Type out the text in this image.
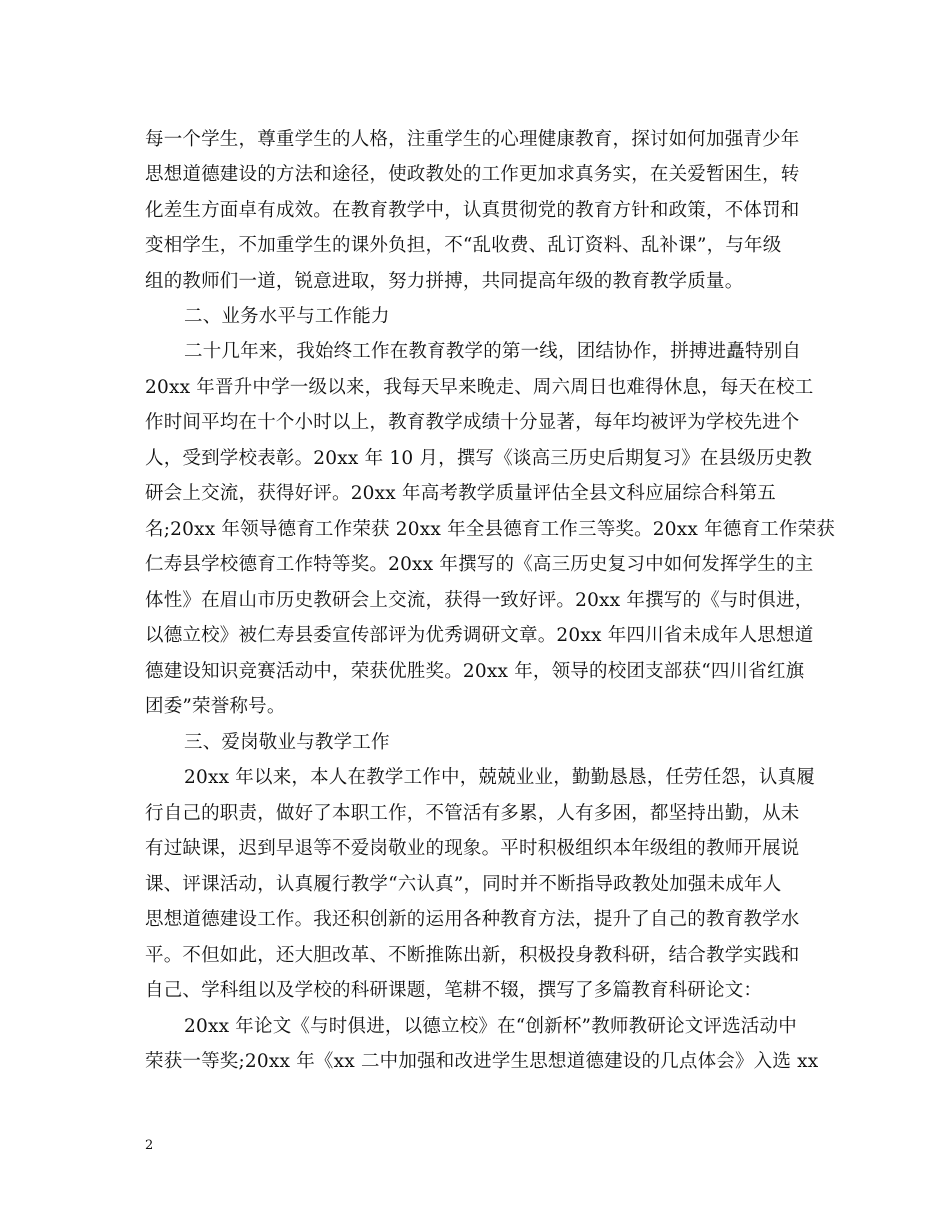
每一个学生，尊重学生的人格，注重学生的心理健康教育，探讨如何加强青少年
思想道德建设的方法和途径，使政教处的工作更加求真务实，在关爱暂困生，转
化差生方面卓有成效。在教育教学中，认真贯彻党的教育方针和政策，不体罚和
变相学生，不加重学生的课外负担，不“乱收费、乱订资料、乱补课”，与年级
组的教师们一道，锐意进取，努力拼搏，共同提高年级的教育教学质量。
二、业务水平与工作能力
二十几年来，我始终工作在教育教学的第一线，团结协作，拼搏进矗特别自
20xx 年晋升中学一级以来，我每天早来晚走、周六周日也难得休息，每天在校工
作时间平均在十个小时以上，教育教学成绩十分显著，每年均被评为学校先进个
人，受到学校表彰。20xx 年 10 月，撰写《谈高三历史后期复习》在县级历史教
研会上交流，获得好评。20xx 年高考教学质量评估全县文科应届综合科第五
名;20xx 年领导德育工作荣获 20xx 年全县德育工作三等奖。20xx 年德育工作荣获
仁寿县学校德育工作特等奖。20xx 年撰写的《高三历史复习中如何发挥学生的主
体性》在眉山市历史教研会上交流，获得一致好评。20xx 年撰写的《与时俱进，
以德立校》被仁寿县委宣传部评为优秀调研文章。20xx 年四川省未成年人思想道
德建设知识竞赛活动中，荣获优胜奖。20xx 年，领导的校团支部获“四川省红旗
团委”荣誉称号。
三、爱岗敬业与教学工作
20xx 年以来，本人在教学工作中，兢兢业业，勤勤恳恳，任劳任怨，认真履
行自己的职责，做好了本职工作，不管活有多累，人有多困，都坚持出勤，从未
有过缺课，迟到早退等不爱岗敬业的现象。平时积极组织本年级组的教师开展说
课、评课活动，认真履行教学“六认真”，同时并不断指导政教处加强未成年人
思想道德建设工作。我还积创新的运用各种教育方法，提升了自己的教育教学水
平。不但如此，还大胆改革、不断推陈出新，积极投身教科研，结合教学实践和
自己、学科组以及学校的科研课题，笔耕不辍，撰写了多篇教育科研论文：
20xx 年论文《与时俱进，以德立校》在“创新杯”教师教研论文评选活动中
荣获一等奖;20xx 年《xx 二中加强和改进学生思想道德建设的几点体会》入选 xx
2
